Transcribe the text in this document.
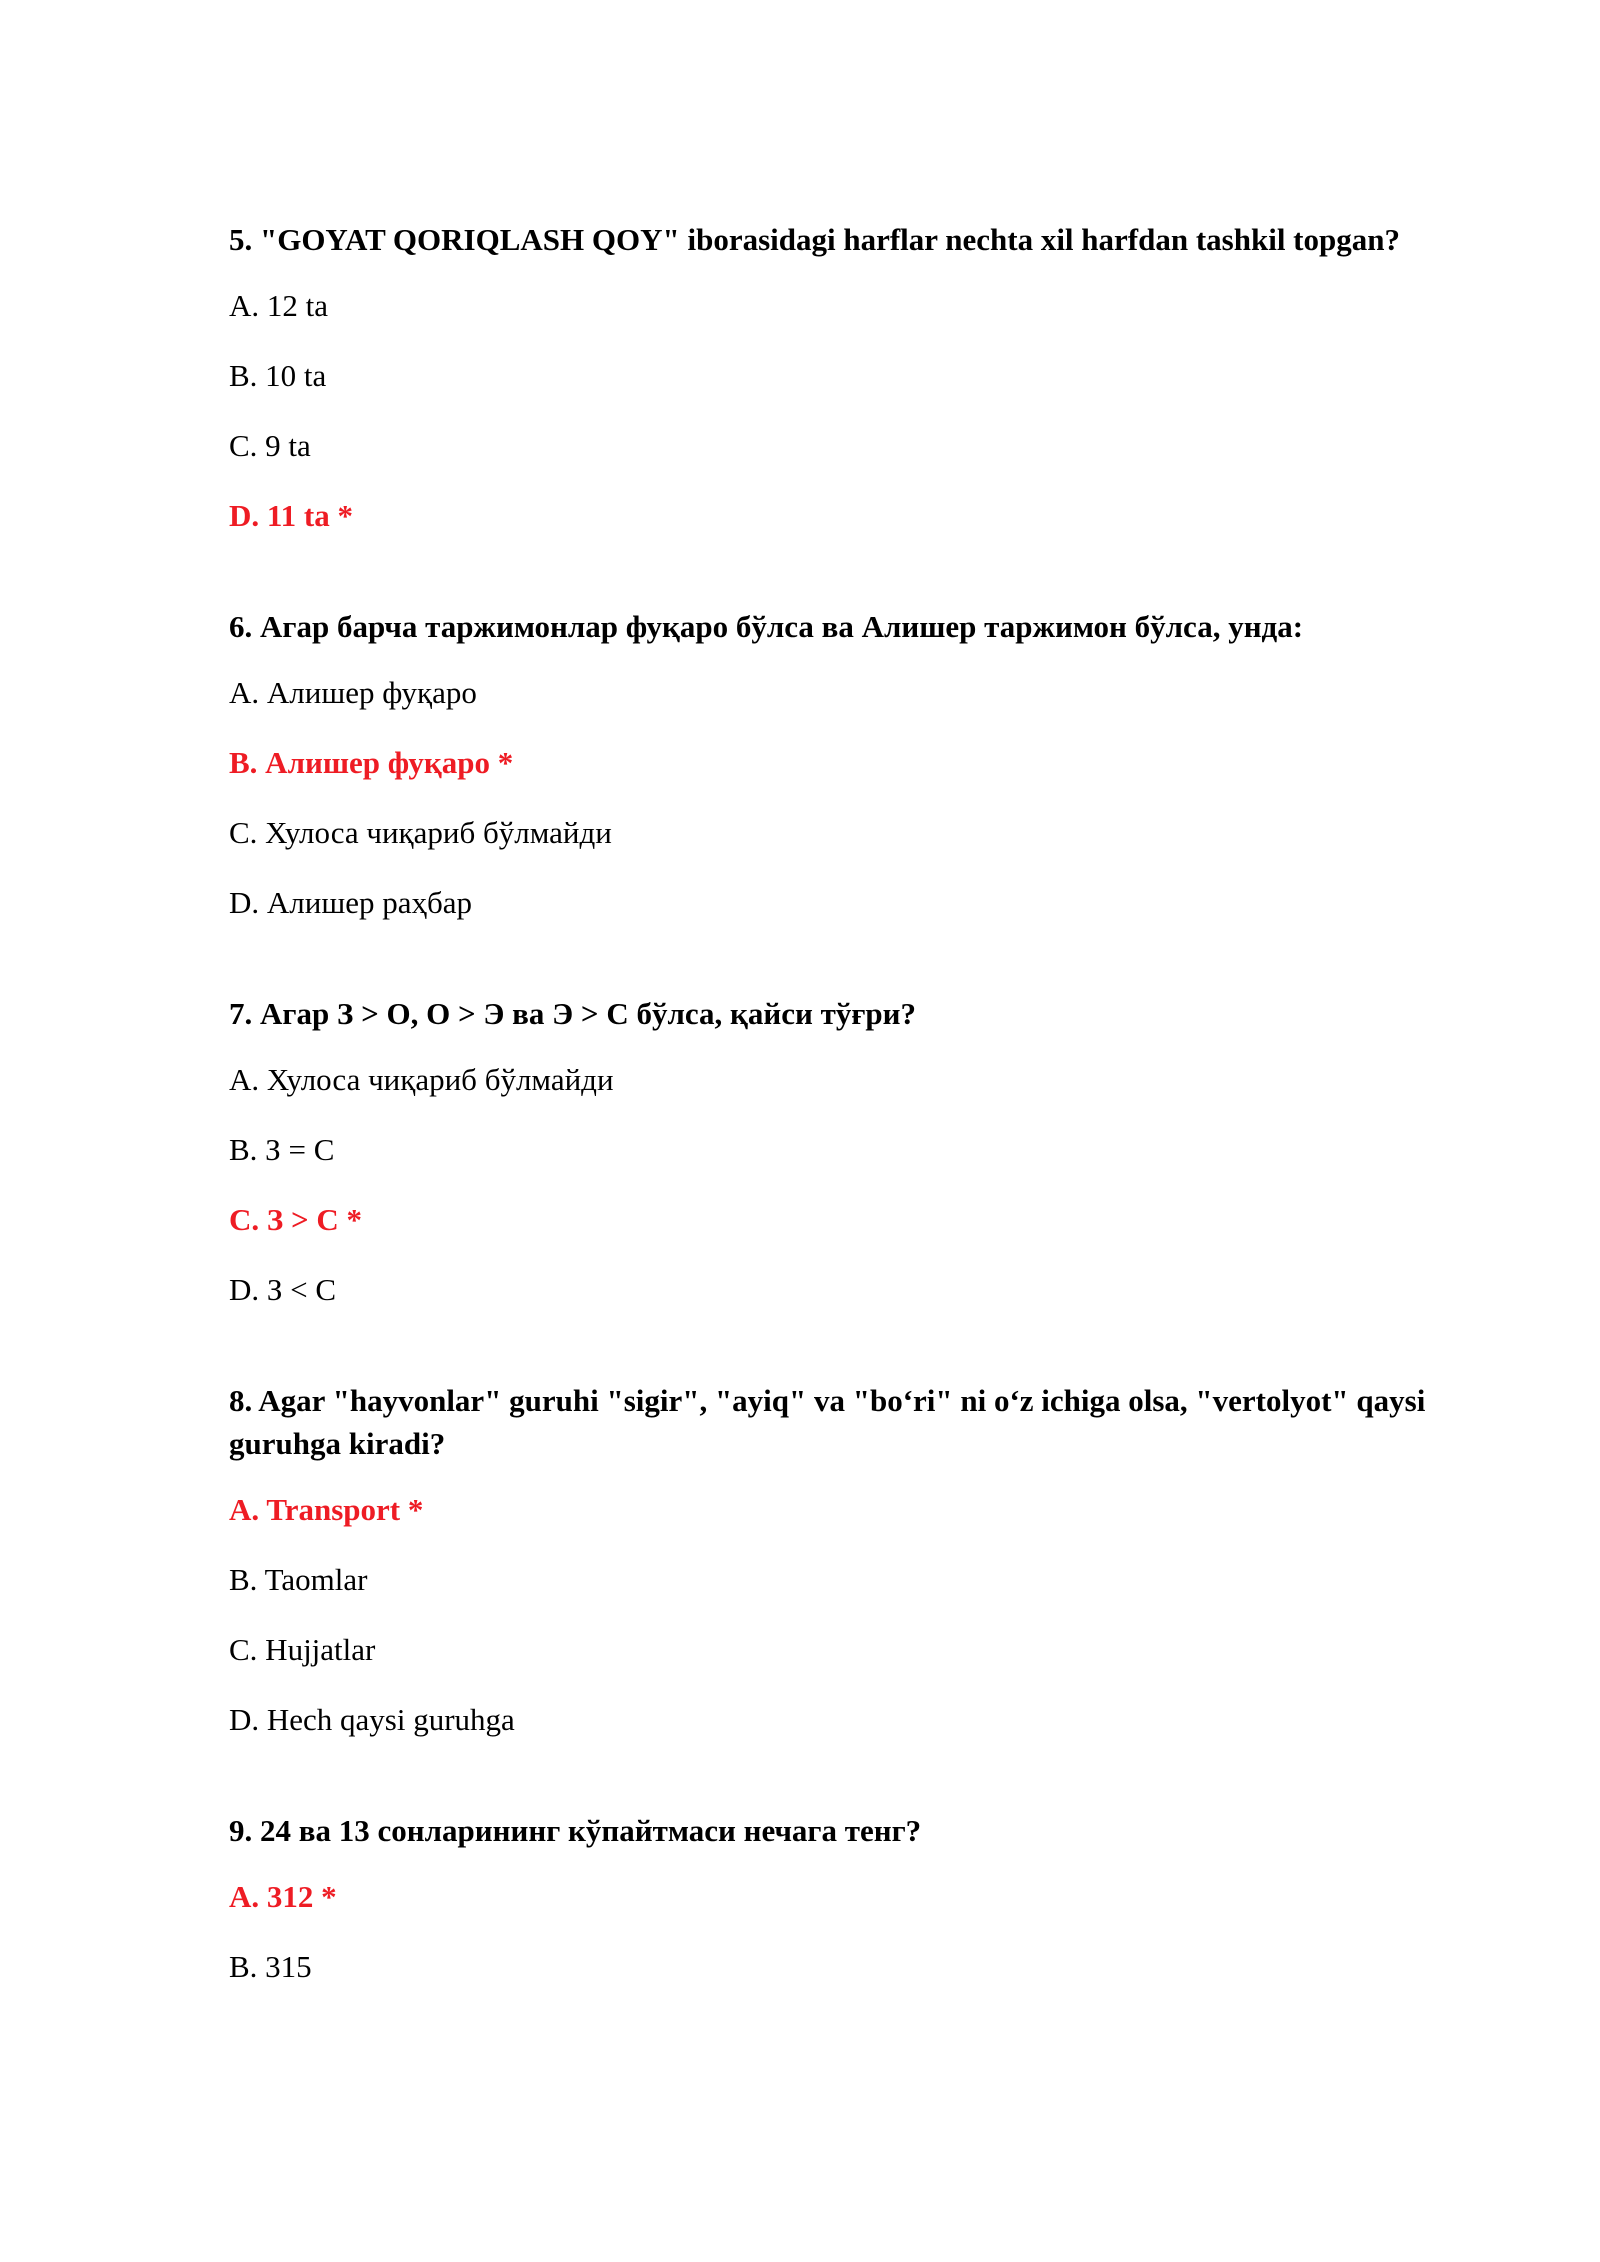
5. "GOYAT QORIQLASH QOY" iborasidagi harflar nechta xil harfdan tashkil topgan?
A. 12 ta
B. 10 ta
C. 9 ta
D. 11 ta *
6. Агар барча таржимонлар фуқаро бўлса ва Алишер таржимон бўлса, унда:
A. Алишер фуқаро
B. Алишер фуқаро *
C. Хулоса чиқариб бўлмайди
D. Алишер раҳбар
7. Агар З > О, О > Э ва Э > С бўлса, қайси тўғри?
A. Хулоса чиқариб бўлмайди
B. З = С
C. З > С *
D. З < С
8. Agar "hayvonlar" guruhi "sigir", "ayiq" va "bo‘ri" ni o‘z ichiga olsa, "vertolyot" qaysi guruhga kiradi?
A. Transport *
B. Taomlar
C. Hujjatlar
D. Hech qaysi guruhga
9. 24 ва 13 сонларининг кўпайтмаси нечага тенг?
A. 312 *
B. 315
